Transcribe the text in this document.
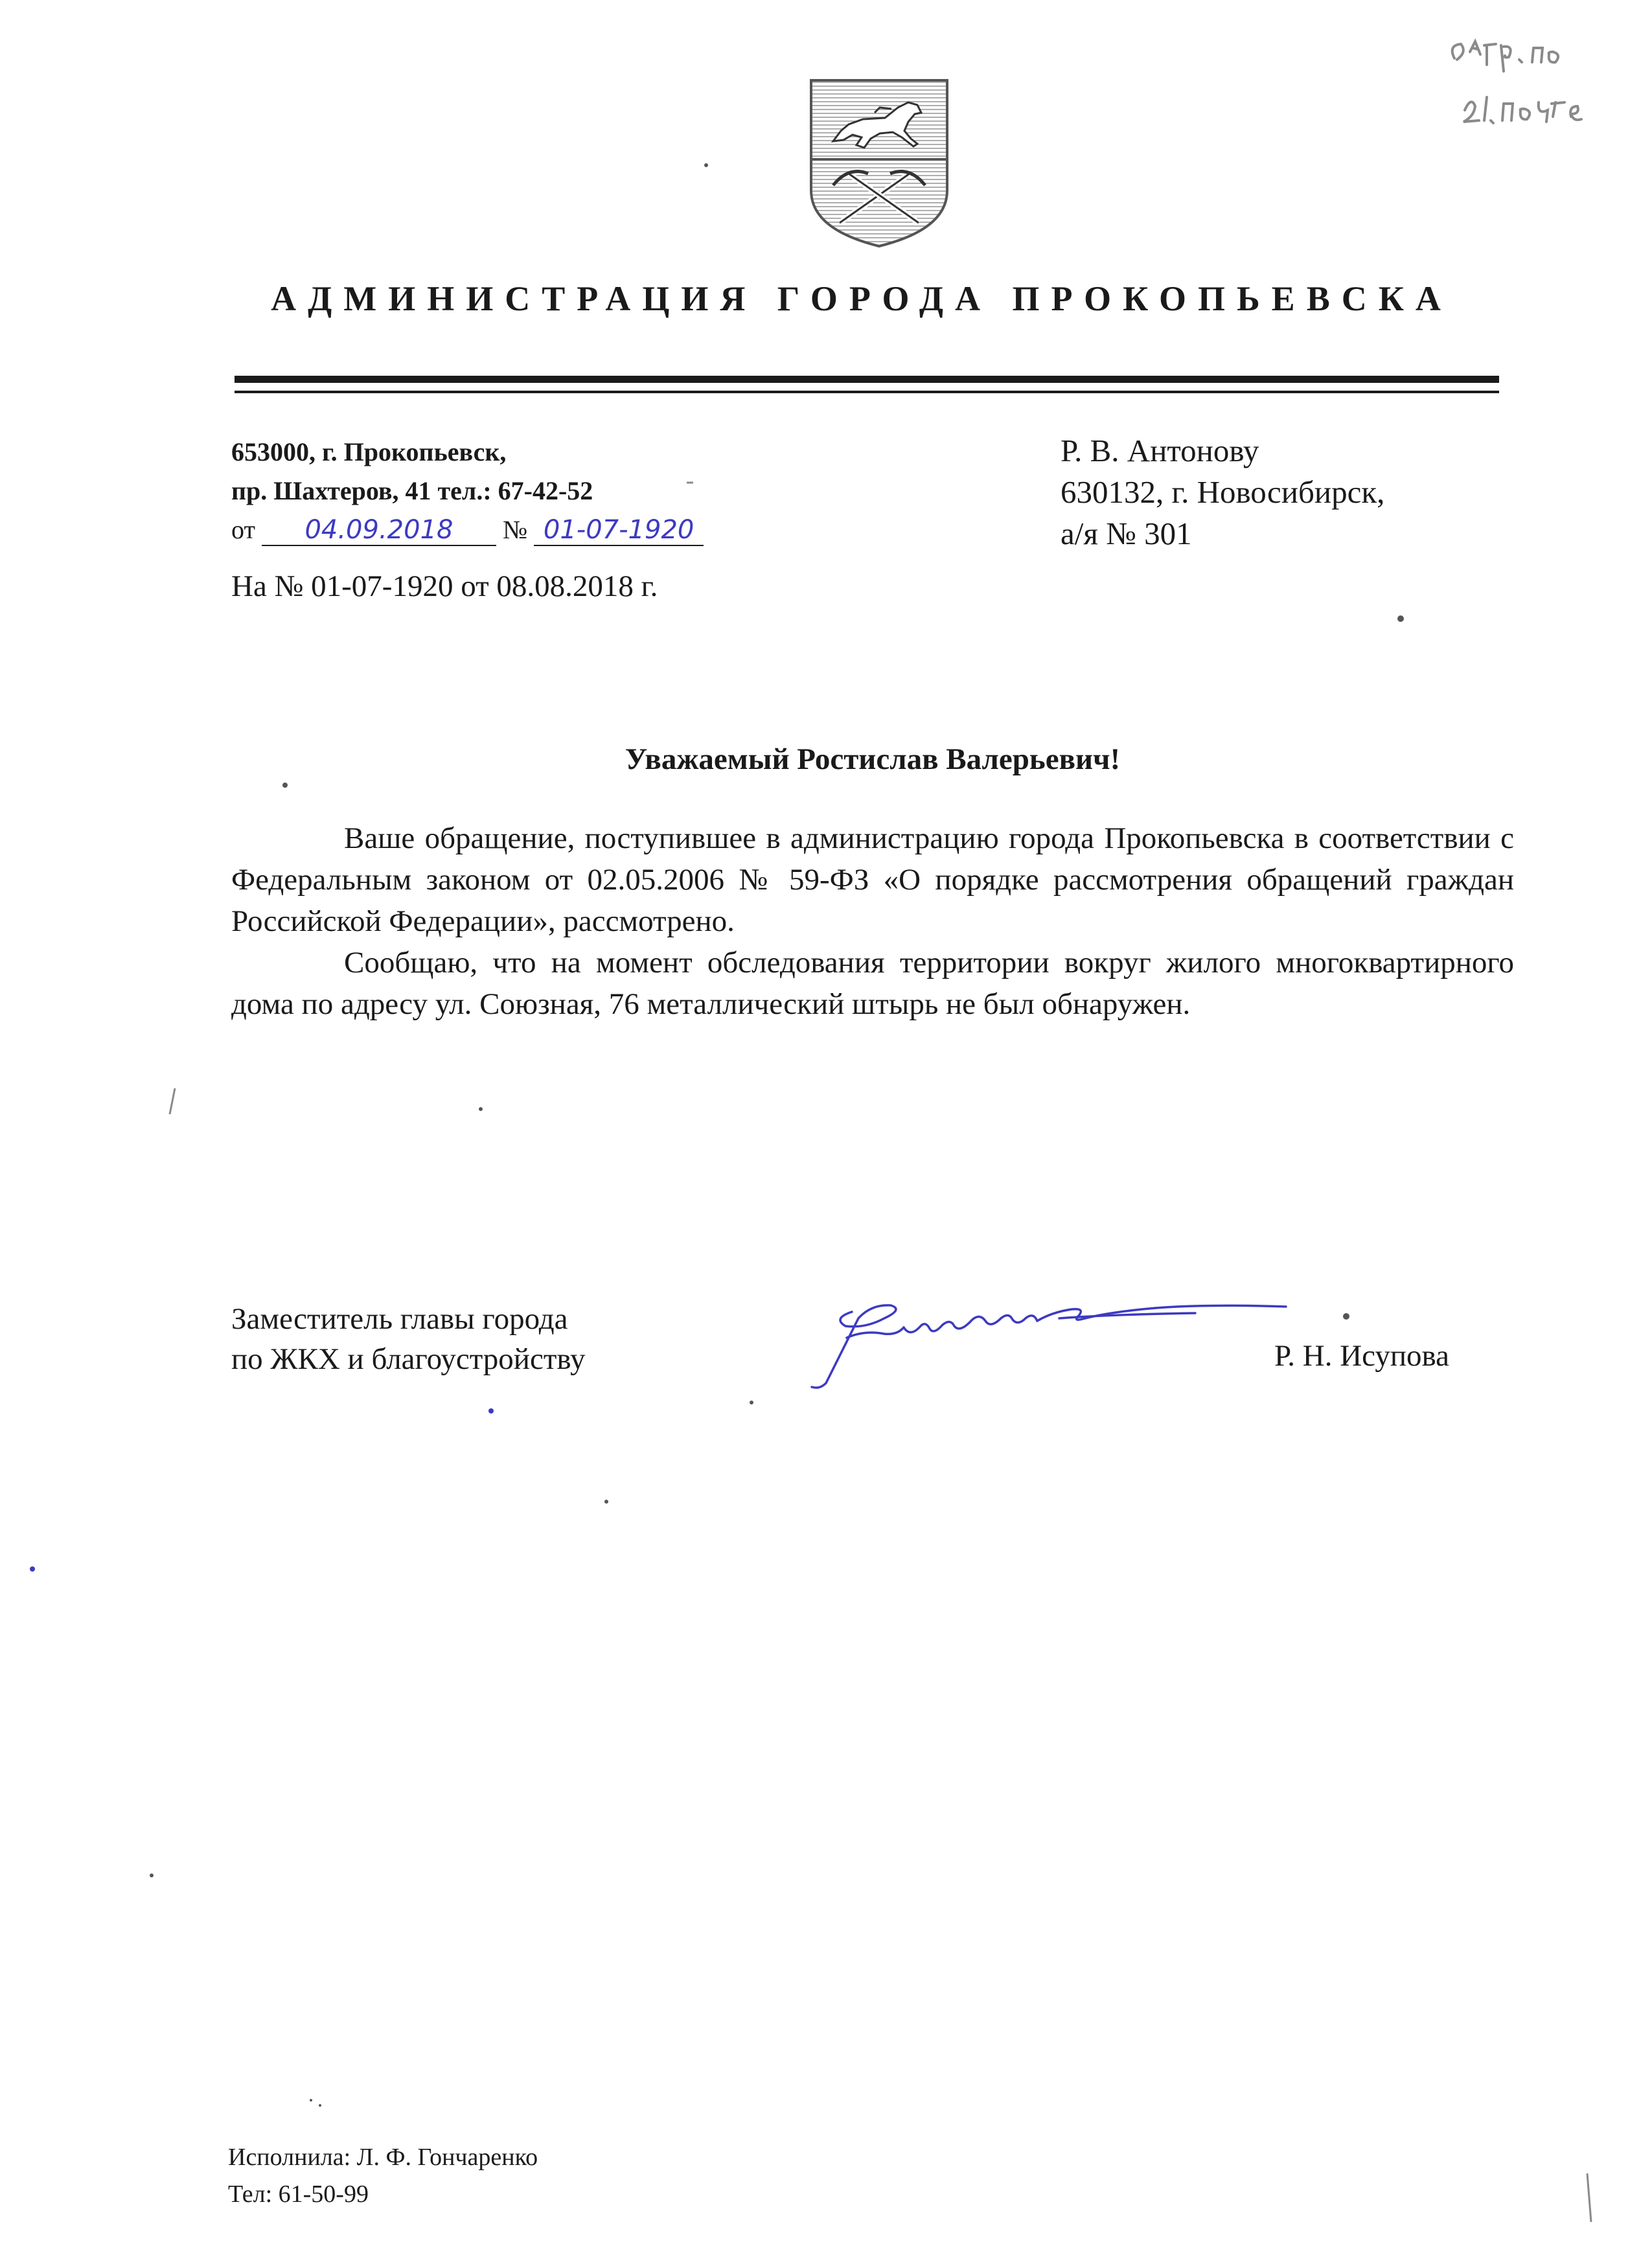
АДМИНИСТРАЦИЯ ГОРОДА ПРОКОПЬЕВСКА
653000, г. Прокопьевск,
пр. Шахтеров, 41 тел.: 67-42-52
от 04.09.2018 № 01-07-1920
Р. В. Антонову
630132, г. Новосибирск,
а/я № 301
На № 01-07-1920 от 08.08.2018 г.
Уважаемый Ростислав Валерьевич!

Ваше обращение, поступившее в администрацию города Прокопьевска в соответствии с Федеральным законом от 02.05.2006 № 59-ФЗ «О порядке рассмотрения обращений граждан Российской Федерации», рассмотрено.

Сообщаю, что на момент обследования территории вокруг жилого многоквартирного дома по адресу ул. Союзная, 76 металлический штырь не был обнаружен.

Заместитель главы города
по ЖКХ и благоустройству	Р. Н. Исупова
Исполнила: Л. Ф. Гончаренко
Тел: 61-50-99
